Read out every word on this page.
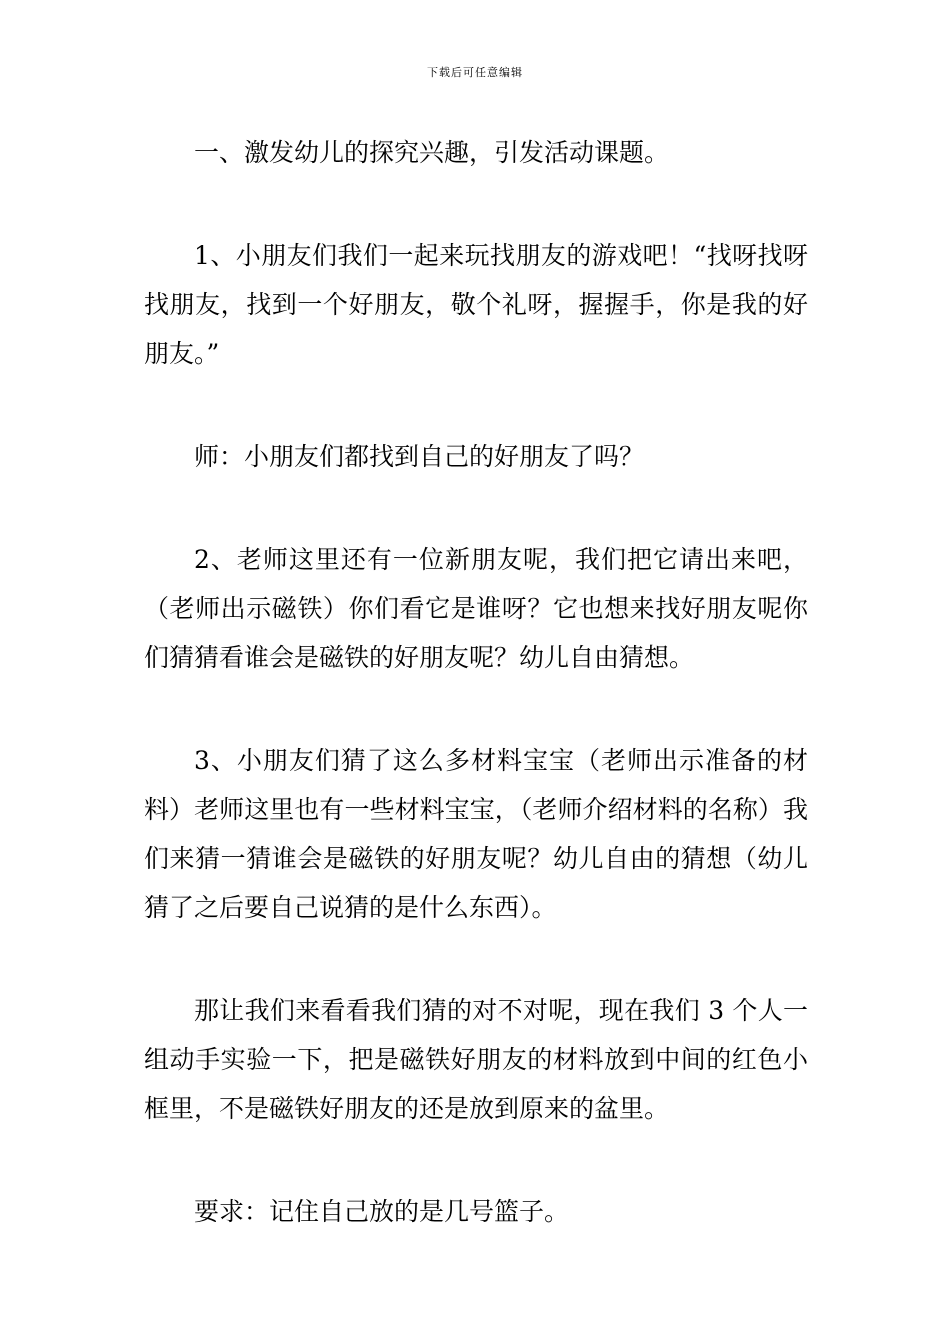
下载后可任意编辑

一、激发幼儿的探究兴趣，引发活动课题。

1、小朋友们我们一起来玩找朋友的游戏吧！“找呀找呀找朋友，找到一个好朋友，敬个礼呀，握握手，你是我的好朋友。”

师：小朋友们都找到自己的好朋友了吗？

2、老师这里还有一位新朋友呢，我们把它请出来吧，（老师出示磁铁）你们看它是谁呀？它也想来找好朋友呢你们猜猜看谁会是磁铁的好朋友呢？幼儿自由猜想。

3、小朋友们猜了这么多材料宝宝（老师出示准备的材料）老师这里也有一些材料宝宝，（老师介绍材料的名称）我们来猜一猜谁会是磁铁的好朋友呢？幼儿自由的猜想（幼儿猜了之后要自己说猜的是什么东西）。

那让我们来看看我们猜的对不对呢，现在我们 3 个人一组动手实验一下，把是磁铁好朋友的材料放到中间的红色小框里，不是磁铁好朋友的还是放到原来的盆里。

要求：记住自己放的是几号篮子。
